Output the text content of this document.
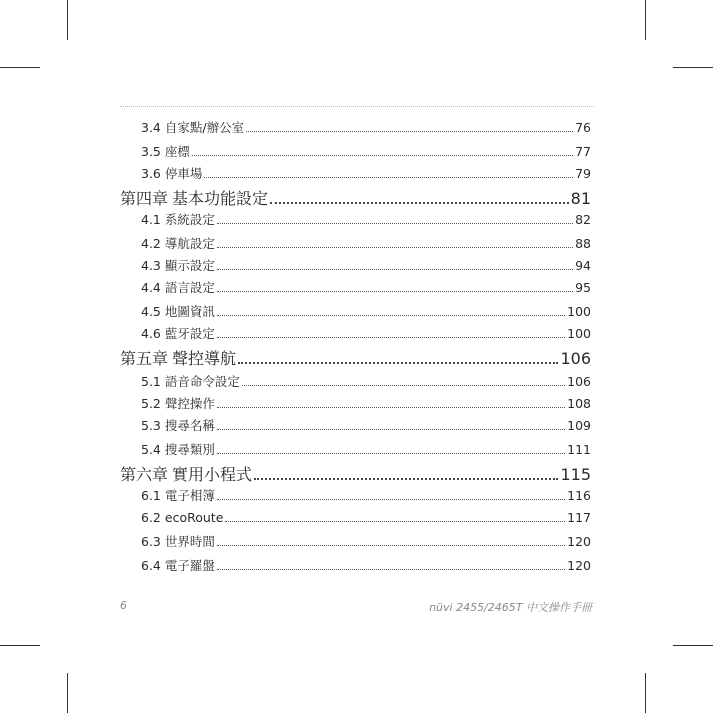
3.4 自家點/辦公室	76
3.5 座標	77
3.6 停車場	79
第四章 基本功能設定	81
4.1 系統設定	82
4.2 導航設定	88
4.3 顯示設定	94
4.4 語言設定	95
4.5 地圖資訊	100
4.6 藍牙設定	100
第五章 聲控導航	106
5.1 語音命令設定	106
5.2 聲控操作	108
5.3 搜尋名稱	109
5.4 搜尋類別	111
第六章 實用小程式	115
6.1 電子相簿	116
6.2 ecoRoute	117
6.3 世界時間	120
6.4 電子羅盤	120
6	nüvi 2455/2465T 中文操作手冊
